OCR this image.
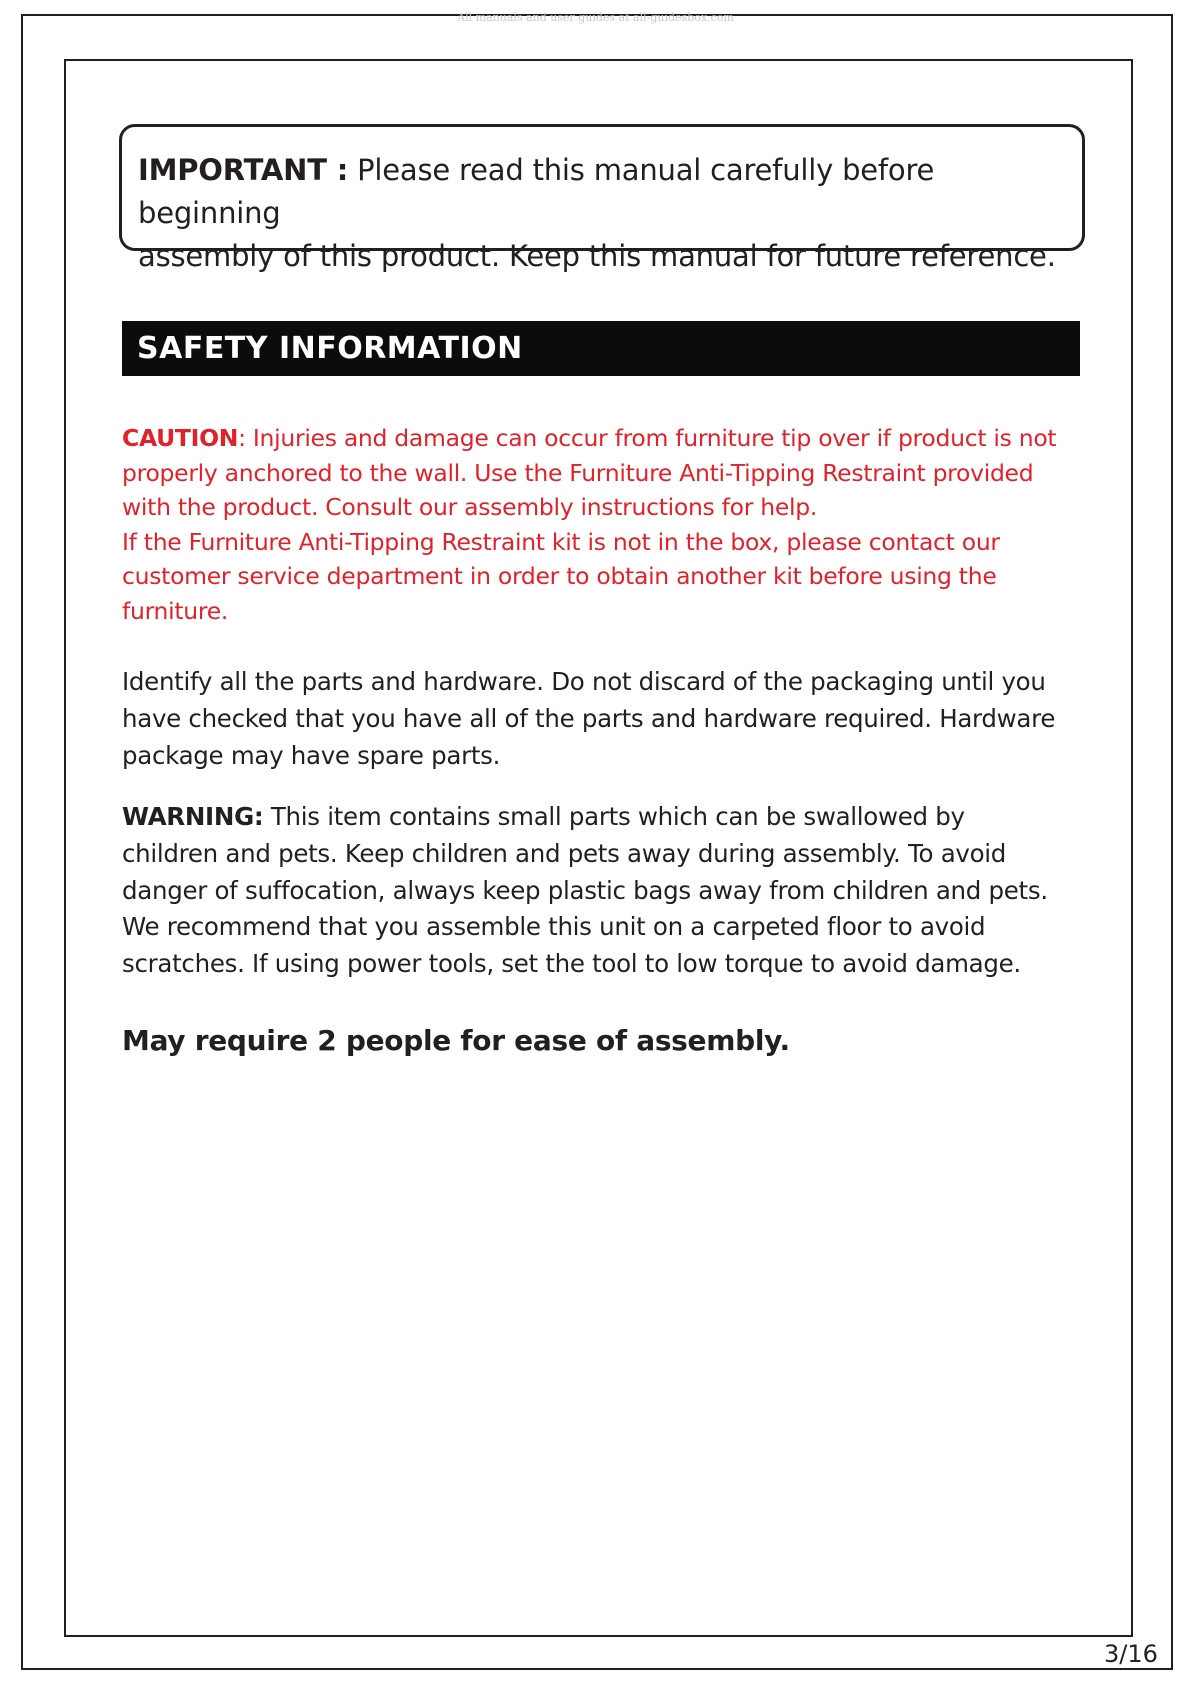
All manuals and user guides at all-guidesbox.com
IMPORTANT : Please read this manual carefully before beginning
assembly of this product. Keep this manual for future reference.
SAFETY INFORMATION

CAUTION: Injuries and damage can occur from furniture tip over if product is not

properly anchored to the wall. Use the Furniture Anti-Tipping Restraint provided

with the product. Consult our assembly instructions for help.

If the Furniture Anti-Tipping Restraint kit is not in the box, please contact our

customer service department in order to obtain another kit before using the

furniture.

Identify all the parts and hardware. Do not discard of the packaging until you
have checked that you have all of the parts and hardware required. Hardware
package may have spare parts.
WARNING: This item contains small parts which can be swallowed by
children and pets. Keep children and pets away during assembly. To avoid
danger of suffocation, always keep plastic bags away from children and pets.
We recommend that you assemble this unit on a carpeted floor to avoid
scratches. If using power tools, set the tool to low torque to avoid damage.
May require 2 people for ease of assembly.
3/16
